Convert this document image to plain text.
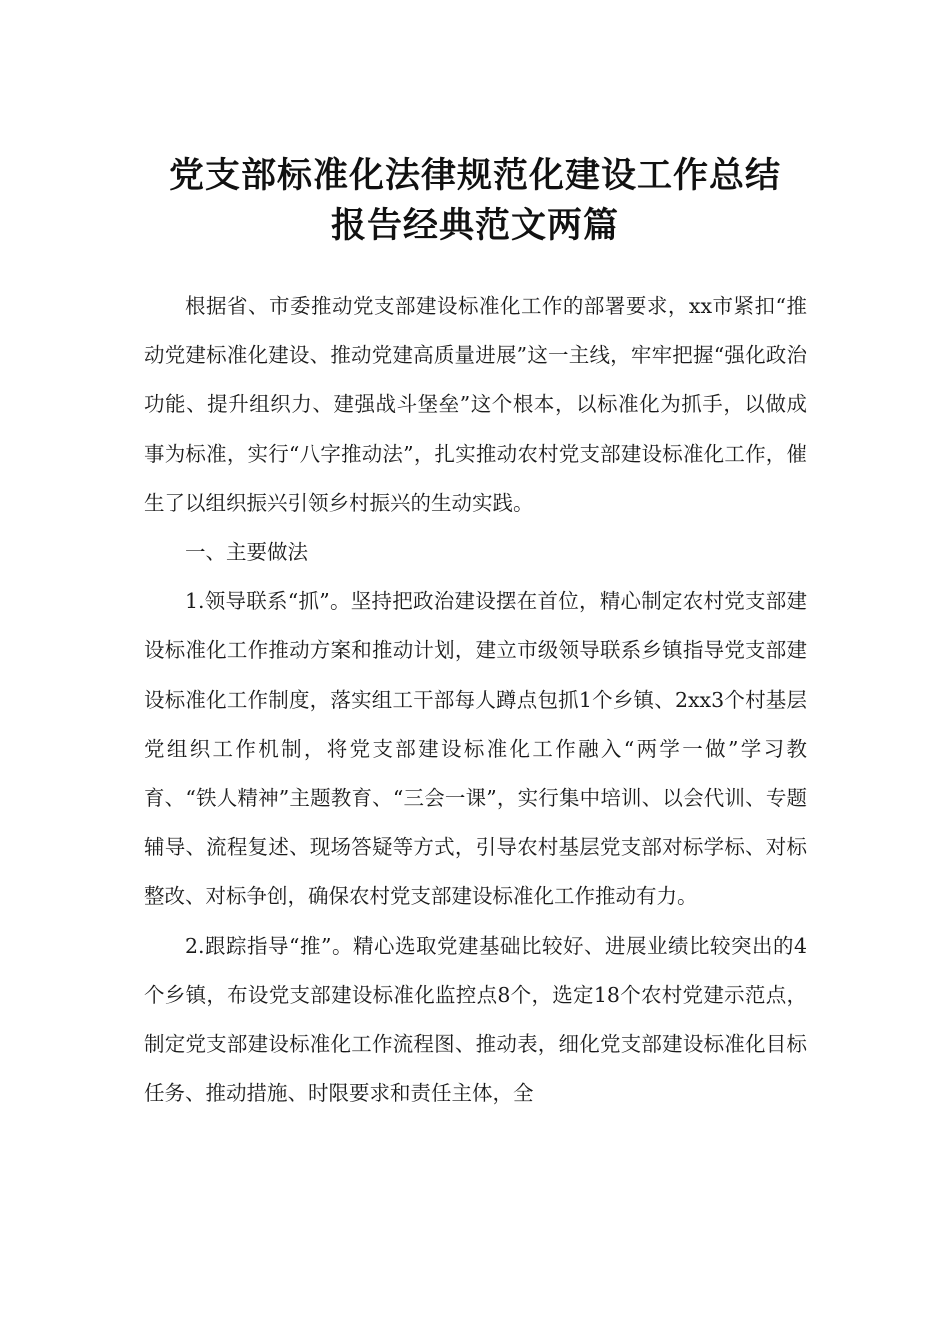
党支部标准化法律规范化建设工作总结
报告经典范文两篇

根据省、市委推动党支部建设标准化工作的部署要求，xx市紧扣“推动党建标准化建设、推动党建高质量进展”这一主线，牢牢把握“强化政治功能、提升组织力、建强战斗堡垒”这个根本，以标准化为抓手，以做成事为标准，实行“八字推动法”，扎实推动农村党支部建设标准化工作，催生了以组织振兴引领乡村振兴的生动实践。

一、主要做法

1.领导联系“抓”。坚持把政治建设摆在首位，精心制定农村党支部建设标准化工作推动方案和推动计划，建立市级领导联系乡镇指导党支部建设标准化工作制度，落实组工干部每人蹲点包抓1个乡镇、2xx3个村基层党组织工作机制，将党支部建设标准化工作融入“两学一做”学习教育、“铁人精神”主题教育、“三会一课”，实行集中培训、以会代训、专题辅导、流程复述、现场答疑等方式，引导农村基层党支部对标学标、对标整改、对标争创，确保农村党支部建设标准化工作推动有力。

2.跟踪指导“推”。精心选取党建基础比较好、进展业绩比较突出的4个乡镇，布设党支部建设标准化监控点8个，选定18个农村党建示范点，制定党支部建设标准化工作流程图、推动表，细化党支部建设标准化目标任务、推动措施、时限要求和责任主体，全
